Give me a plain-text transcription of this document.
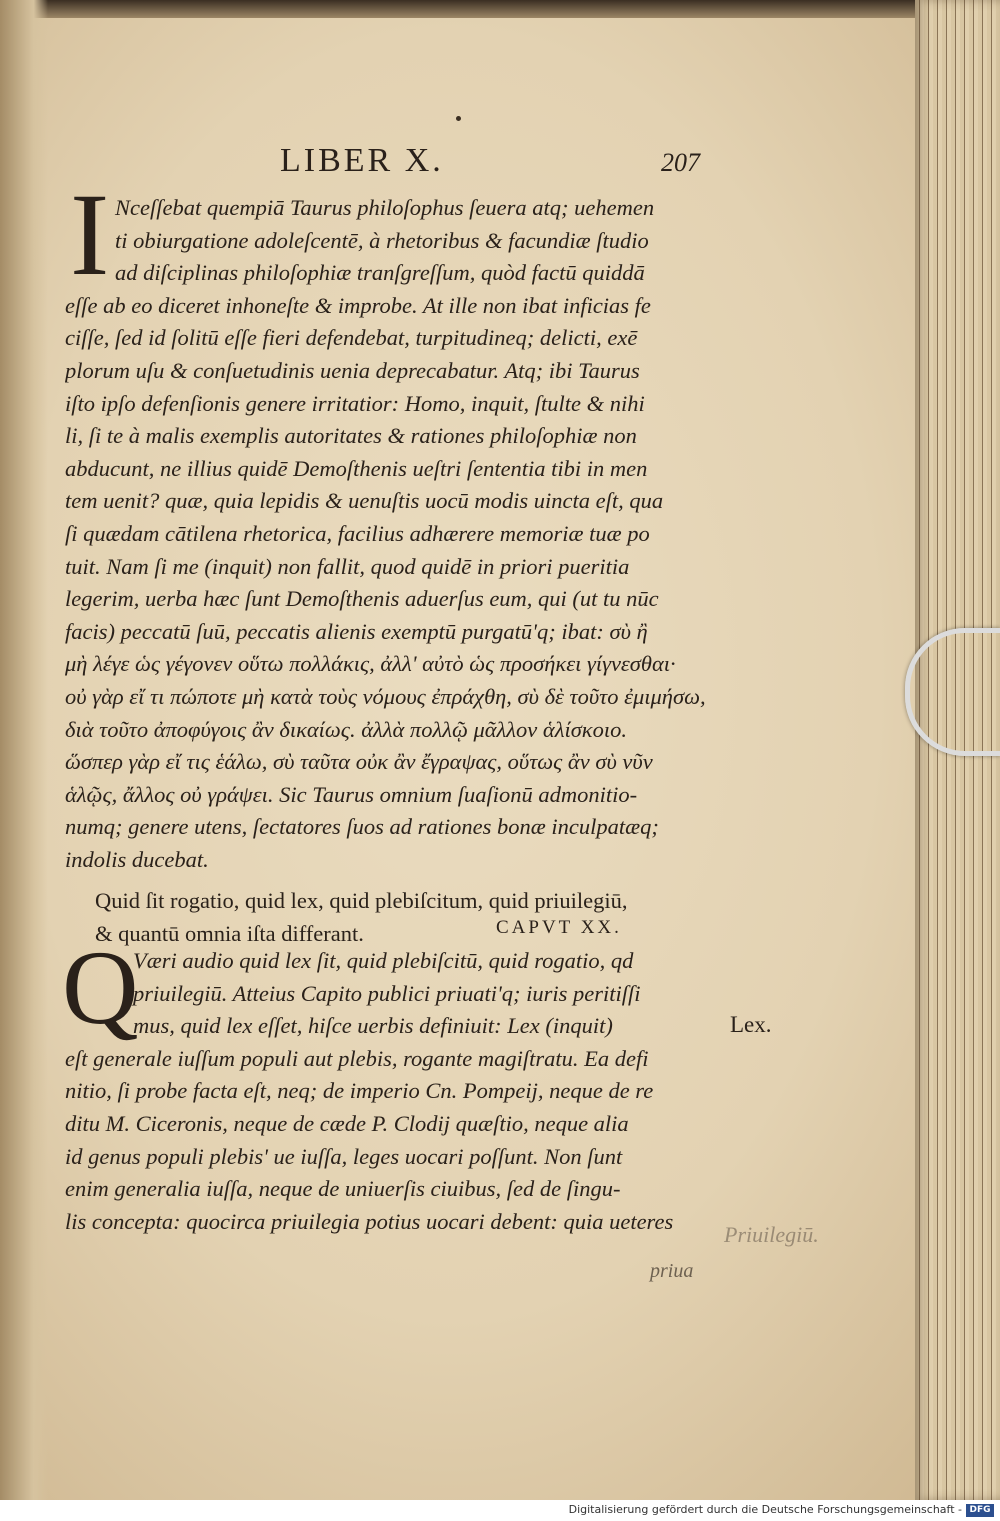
LIBER X.	207
I Nceſſebat quempiā Taurus philoſophus ſeuera atq; uehemen
ti obiurgatione adoleſcentē, à rhetoribus & facundiæ ſtudio
ad diſciplinas philoſophiæ tranſgreſſum, quòd factū quiddā
eſſe ab eo diceret inhoneſte & improbe. At ille non ibat inficias fe
ciſſe, ſed id ſolitū eſſe fieri defendebat, turpitudineq; delicti, exē
plorum uſu & conſuetudinis uenia deprecabatur. Atq; ibi Taurus
iſto ipſo defenſionis genere irritatior: Homo, inquit, ſtulte & nihi
li, ſi te à malis exemplis autoritates & rationes philoſophiæ non
abducunt, ne illius quidē Demoſthenis ueſtri ſententia tibi in men
tem uenit? quæ, quia lepidis & uenuſtis uocū modis uincta eſt, qua
ſi quædam cātilena rhetorica, facilius adhærere memoriæ tuæ po
tuit. Nam ſi me (inquit) non fallit, quod quidē in priori pueritia
legerim, uerba hæc ſunt Demoſthenis aduerſus eum, qui (ut tu nūc
facis) peccatū ſuū, peccatis alienis exemptū purgatū'q; ibat: σὺ ἢ
μὴ λέγε ὡς γέγονεν οὕτω πολλάκις, ἀλλ' αὐτὸ ὡς προσήκει γίγνεσθαι·
οὐ γὰρ εἴ τι πώποτε μὴ κατὰ τοὺς νόμους ἐπράχθη, σὺ δὲ τοῦτο ἐμιμήσω,
διὰ τοῦτο ἀποφύγοις ἂν δικαίως. ἀλλὰ πολλῷ μᾶλλον ἁλίσκοιο.
ὥσπερ γὰρ εἴ τις ἑάλω, σὺ ταῦτα οὐκ ἂν ἔγραψας, οὕτως ἂν σὺ νῦν
ἁλῷς, ἄλλος οὐ γράψει. Sic Taurus omnium ſuaſionū admonitio-
numq; genere utens, ſectatores ſuos ad rationes bonæ inculpatæq;
indolis ducebat.
Quid ſit rogatio, quid lex, quid plebiſcitum, quid priuilegiū,
& quantū omnia iſta differant.	CAPVT XX.
Q
Væri audio quid lex ſit, quid plebiſcitū, quid rogatio, qd
priuilegiū. Atteius Capito publici priuati'q; iuris peritiſſi
mus, quid lex eſſet, hiſce uerbis definiuit: Lex (inquit)
eſt generale iuſſum populi aut plebis, rogante magiſtratu. Ea defi
nitio, ſi probe facta eſt, neq; de imperio Cn. Pompeij, neque de re
ditu M. Ciceronis, neque de cæde P. Clodij quæſtio, neque alia
id genus populi plebis' ue iuſſa, leges uocari poſſunt. Non ſunt
enim generalia iuſſa, neque de uniuerſis ciuibus, ſed de ſingu-
lis concepta: quocirca priuilegia potius uocari debent: quia ueteres
Lex.
Priuilegiū.
priua
Digitalisierung gefördert durch die Deutsche Forschungsgemeinschaft - DFG
